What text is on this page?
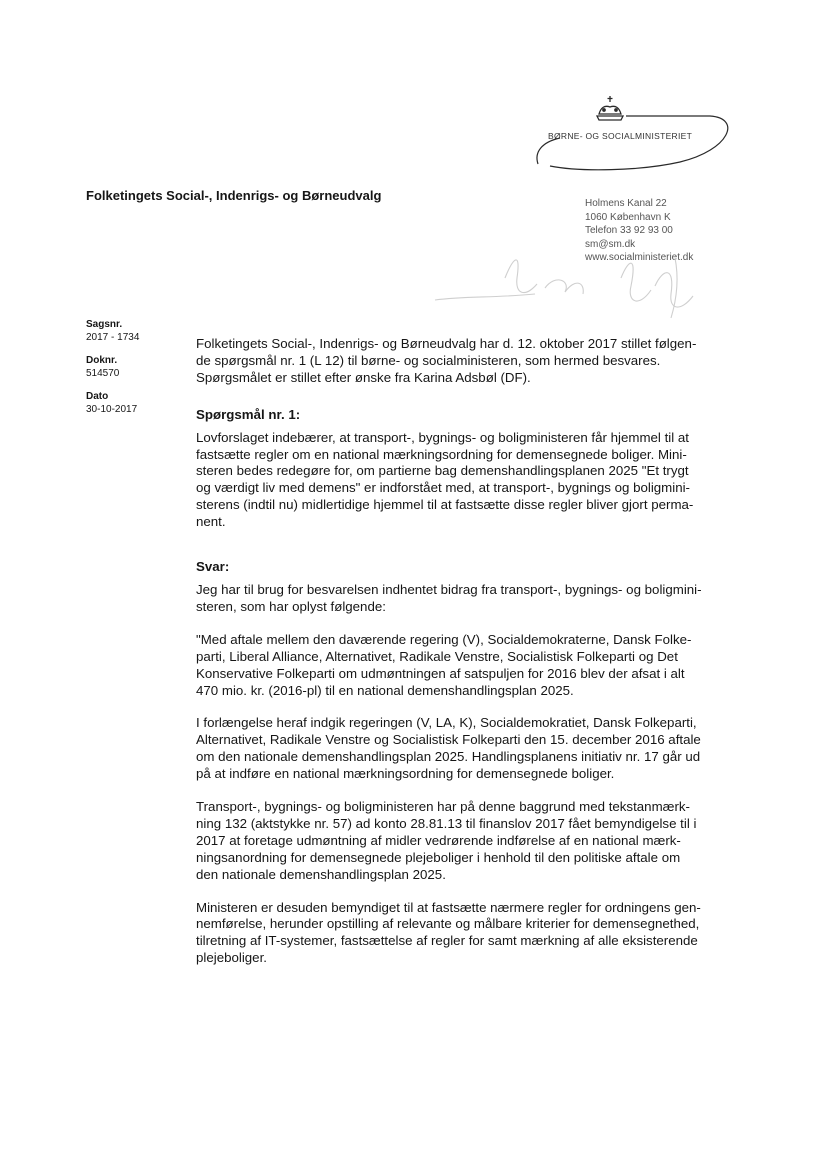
BØRNE- OG SOCIALMINISTERIET
Folketingets Social-, Indenrigs- og Børneudvalg
Holmens Kanal 22
1060 København K
Telefon 33 92 93 00
sm@sm.dk
www.socialministeriet.dk
Sagsnr.
2017 - 1734
Doknr.
514570
Dato
30-10-2017

Folketingets Social-, Indenrigs- og Børneudvalg har d. 12. oktober 2017 stillet følgen-
de spørgsmål nr. 1 (L 12) til børne- og socialministeren, som hermed besvares.
Spørgsmålet er stillet efter ønske fra Karina Adsbøl (DF).

Spørgsmål nr. 1:

Lovforslaget indebærer, at transport-, bygnings- og boligministeren får hjemmel til at
fastsætte regler om en national mærkningsordning for demensegnede boliger. Mini-
steren bedes redegøre for, om partierne bag demenshandlingsplanen 2025 "Et trygt
og værdigt liv med demens" er indforstået med, at transport-, bygnings og boligmini-
sterens (indtil nu) midlertidige hjemmel til at fastsætte disse regler bliver gjort perma-
nent.

Svar:

Jeg har til brug for besvarelsen indhentet bidrag fra transport-, bygnings- og boligmini-
steren, som har oplyst følgende:

"Med aftale mellem den daværende regering (V), Socialdemokraterne, Dansk Folke-
parti, Liberal Alliance, Alternativet, Radikale Venstre, Socialistisk Folkeparti og Det
Konservative Folkeparti om udmøntningen af satspuljen for 2016 blev der afsat i alt
470 mio. kr. (2016-pl) til en national demenshandlingsplan 2025.

I forlængelse heraf indgik regeringen (V, LA, K), Socialdemokratiet, Dansk Folkeparti,
Alternativet, Radikale Venstre og Socialistisk Folkeparti den 15. december 2016 aftale
om den nationale demenshandlingsplan 2025. Handlingsplanens initiativ nr. 17 går ud
på at indføre en national mærkningsordning for demensegnede boliger.

Transport-, bygnings- og boligministeren har på denne baggrund med tekstanmærk-
ning 132 (aktstykke nr. 57) ad konto 28.81.13 til finanslov 2017 fået bemyndigelse til i
2017 at foretage udmøntning af midler vedrørende indførelse af en national mærk-
ningsanordning for demensegnede plejeboliger i henhold til den politiske aftale om
den nationale demenshandlingsplan 2025.

Ministeren er desuden bemyndiget til at fastsætte nærmere regler for ordningens gen-
nemførelse, herunder opstilling af relevante og målbare kriterier for demensegnethed,
tilretning af IT-systemer, fastsættelse af regler for samt mærkning af alle eksisterende
plejeboliger.
